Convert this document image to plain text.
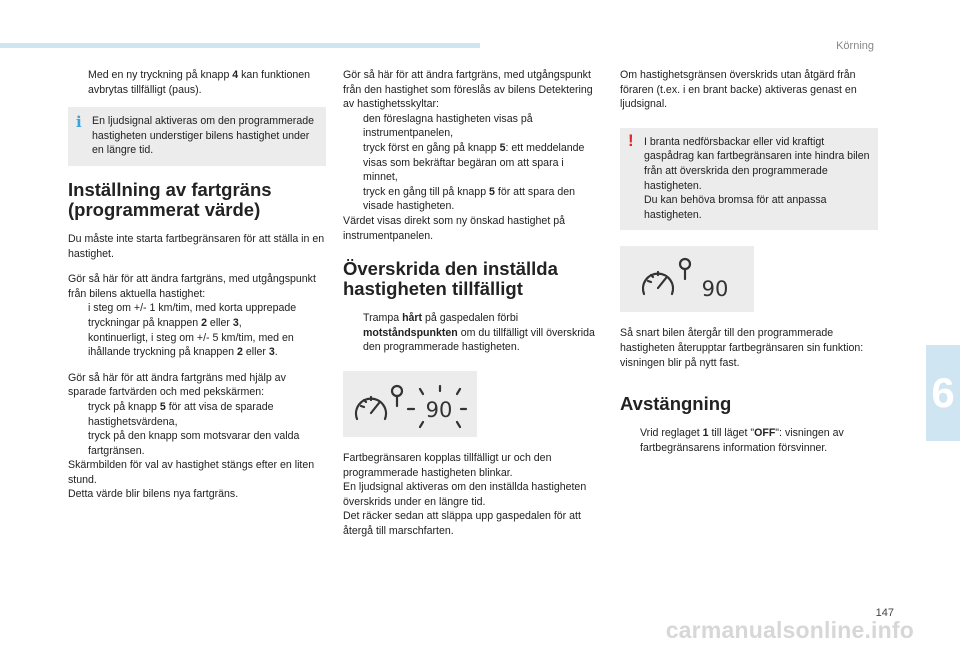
Körning
Med en ny tryckning på knapp 4 kan funktionen avbrytas tillfälligt (paus).
i En ljudsignal aktiveras om den programmerade hastigheten understiger bilens hastighet under en längre tid.
Inställning av fartgräns (programmerat värde)
Du måste inte starta fartbegränsaren för att ställa in en hastighet.
Gör så här för att ändra fartgräns, med utgångspunkt från bilens aktuella hastighet:
i steg om +/- 1 km/tim, med korta upprepade tryckningar på knappen 2 eller 3,
kontinuerligt, i steg om +/- 5 km/tim, med en ihållande tryckning på knappen 2 eller 3.
Gör så här för att ändra fartgräns med hjälp av sparade fartvärden och med pekskärmen:
tryck på knapp 5 för att visa de sparade hastighetsvärdena,
tryck på den knapp som motsvarar den valda fartgränsen.
Skärmbilden för val av hastighet stängs efter en liten stund.
Detta värde blir bilens nya fartgräns.
Gör så här för att ändra fartgräns, med utgångspunkt från den hastighet som föreslås av bilens Detektering av hastighetsskyltar:
den föreslagna hastigheten visas på instrumentpanelen,
tryck först en gång på knapp 5: ett meddelande visas som bekräftar begäran om att spara i minnet,
tryck en gång till på knapp 5 för att spara den visade hastigheten.
Värdet visas direkt som ny önskad hastighet på instrumentpanelen.
Överskrida den inställda hastigheten tillfälligt
Trampa hårt på gaspedalen förbi motståndspunkten om du tillfälligt vill överskrida den programmerade hastigheten.
90
Fartbegränsaren kopplas tillfälligt ur och den programmerade hastigheten blinkar.
En ljudsignal aktiveras om den inställda hastigheten överskrids under en längre tid.
Det räcker sedan att släppa upp gaspedalen för att återgå till marschfarten.
Om hastighetsgränsen överskrids utan åtgärd från föraren (t.ex. i en brant backe) aktiveras genast en ljudsignal.
! I branta nedförsbackar eller vid kraftigt gaspådrag kan fartbegränsaren inte hindra bilen från att överskrida den programmerade hastigheten.
Du kan behöva bromsa för att anpassa hastigheten.
90
Så snart bilen återgår till den programmerade hastigheten återupptar fartbegränsaren sin funktion: visningen blir på nytt fast.
Avstängning
Vrid reglaget 1 till läget "OFF": visningen av fartbegränsarens information försvinner.
6
147
carmanualsonline.info
